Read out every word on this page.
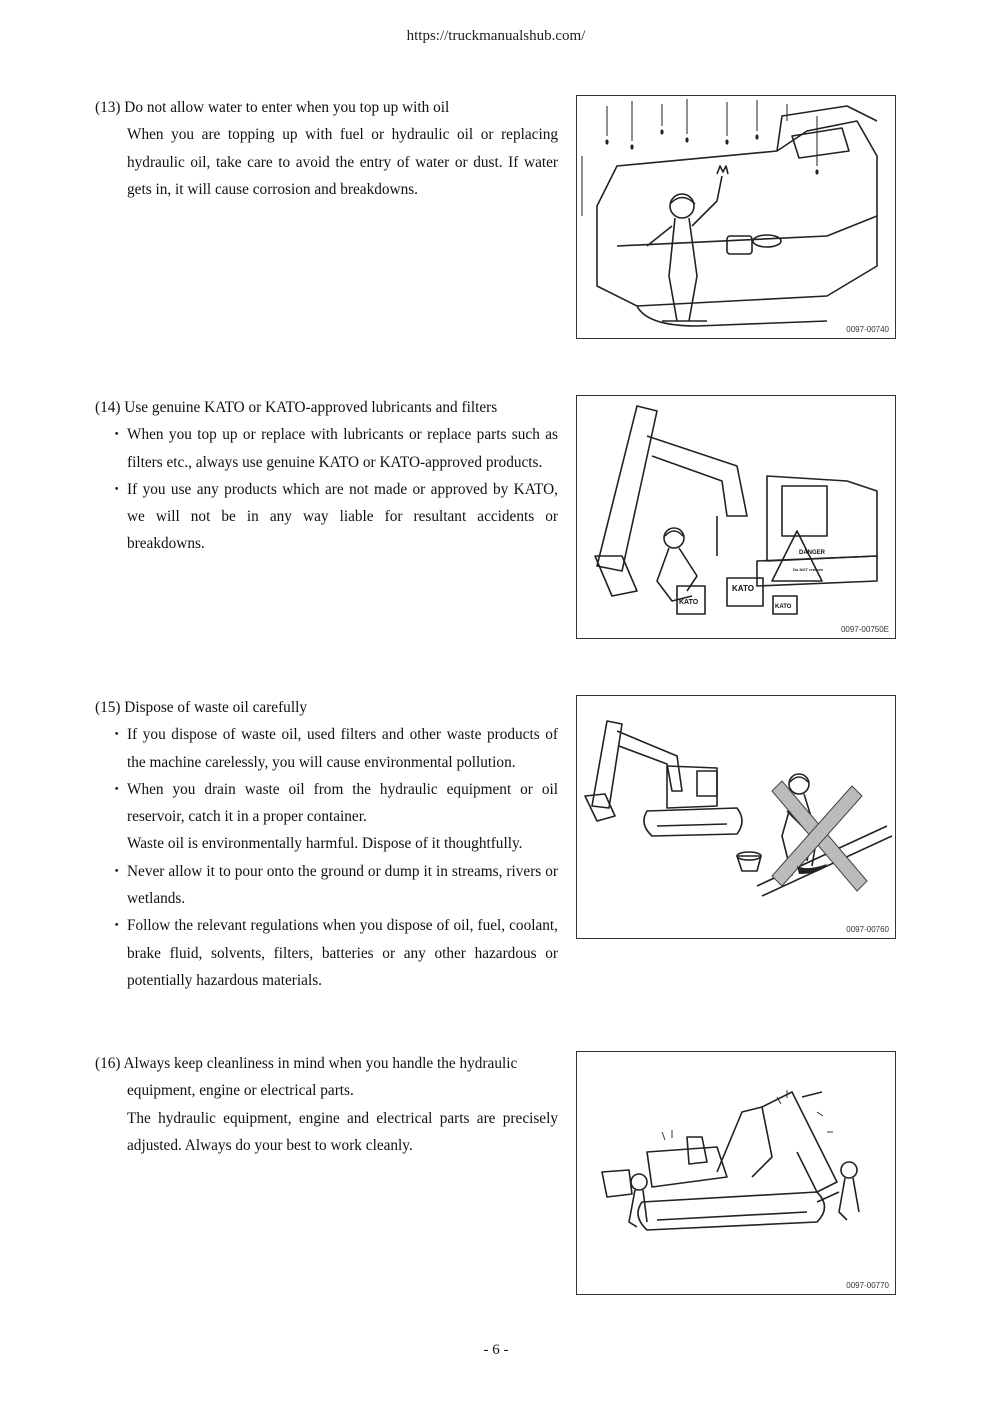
https://truckmanualshub.com/

(13) Do not allow water to enter when you top up with oil

When you are topping up with fuel or hydraulic oil or replacing hydraulic oil, take care to avoid the entry of water or dust. If water gets in, it will cause corrosion and breakdowns.

0097-00740

(14) Use genuine KATO or KATO-approved lubricants and filters

・ When you top up or replace with lubricants or replace parts such as filters etc., always use genuine KATO or KATO-approved products.

・ If you use any products which are not made or approved by KATO, we will not be in any way liable for resultant accidents or breakdowns.

KATO
KATO
KATO
DANGER
Do NOT remove
0097-00750E

(15) Dispose of waste oil carefully

・ If you dispose of waste oil, used filters and other waste products of the machine carelessly, you will cause environmental pollution.

・ When you drain waste oil from the hydraulic equipment or oil reservoir, catch it in a proper container.

Waste oil is environmentally harmful. Dispose of it thoughtfully.

・ Never allow it to pour onto the ground or dump it in streams, rivers or wetlands.

・ Follow the relevant regulations when you dispose of oil, fuel, coolant, brake fluid, solvents, filters, batteries or any other hazardous or potentially hazardous materials.

0097-00760

(16) Always keep cleanliness in mind when you handle the hydraulic

equipment, engine or electrical parts.

The hydraulic equipment, engine and electrical parts are precisely adjusted. Always do your best to work cleanly.

0097-00770
- 6 -
